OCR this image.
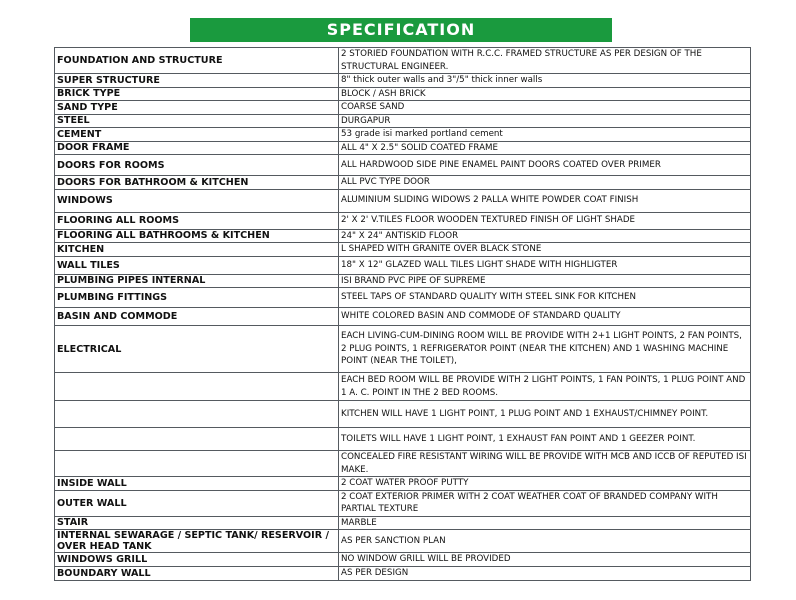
SPECIFICATION
FOUNDATION AND STRUCTURE	2 STORIED FOUNDATION WITH R.C.C. FRAMED STRUCTURE AS PER DESIGN OF THE STRUCTURAL ENGINEER.
SUPER STRUCTURE	8" thick outer walls and 3"/5" thick inner walls
BRICK TYPE	BLOCK / ASH BRICK
SAND TYPE	COARSE SAND
STEEL	DURGAPUR
CEMENT	53 grade isi marked portland cement
DOOR FRAME	ALL 4" X 2.5" SOLID COATED FRAME
DOORS FOR ROOMS	ALL HARDWOOD SIDE PINE ENAMEL PAINT DOORS COATED OVER PRIMER
DOORS FOR BATHROOM & KITCHEN	ALL PVC TYPE DOOR
WINDOWS	ALUMINIUM SLIDING WIDOWS 2 PALLA WHITE POWDER COAT FINISH
FLOORING ALL ROOMS	2' X 2' V.TILES FLOOR WOODEN TEXTURED FINISH OF LIGHT SHADE
FLOORING ALL BATHROOMS & KITCHEN	24" X 24" ANTISKID FLOOR
KITCHEN	L SHAPED WITH GRANITE OVER BLACK STONE
WALL TILES	18" X 12" GLAZED WALL TILES LIGHT SHADE WITH HIGHLIGTER
PLUMBING PIPES INTERNAL	ISI BRAND PVC PIPE OF SUPREME
PLUMBING FITTINGS	STEEL TAPS OF STANDARD QUALITY WITH STEEL SINK FOR KITCHEN
BASIN AND COMMODE	WHITE COLORED BASIN AND COMMODE OF STANDARD QUALITY
ELECTRICAL	EACH LIVING-CUM-DINING ROOM WILL BE PROVIDE WITH 2+1 LIGHT POINTS, 2 FAN POINTS, 2 PLUG POINTS, 1 REFRIGERATOR POINT (NEAR THE KITCHEN) AND 1 WASHING MACHINE POINT (NEAR THE TOILET),
	EACH BED ROOM WILL BE PROVIDE WITH 2 LIGHT POINTS, 1 FAN POINTS, 1 PLUG POINT AND 1 A. C. POINT IN THE 2 BED ROOMS.
	KITCHEN WILL HAVE 1 LIGHT POINT, 1 PLUG POINT AND 1 EXHAUST/CHIMNEY POINT.
	TOILETS WILL HAVE 1 LIGHT POINT, 1 EXHAUST FAN POINT AND 1 GEEZER POINT.
	CONCEALED FIRE RESISTANT WIRING WILL BE PROVIDE WITH MCB AND ICCB OF REPUTED ISI MAKE.
INSIDE WALL	2 COAT WATER PROOF PUTTY
OUTER WALL	2 COAT EXTERIOR PRIMER WITH 2 COAT WEATHER COAT OF BRANDED COMPANY WITH PARTIAL TEXTURE
STAIR	MARBLE
INTERNAL SEWARAGE / SEPTIC TANK/ RESERVOIR / OVER HEAD TANK	AS PER SANCTION PLAN
WINDOWS GRILL	NO WINDOW GRILL WILL BE PROVIDED
BOUNDARY WALL	AS PER DESIGN
